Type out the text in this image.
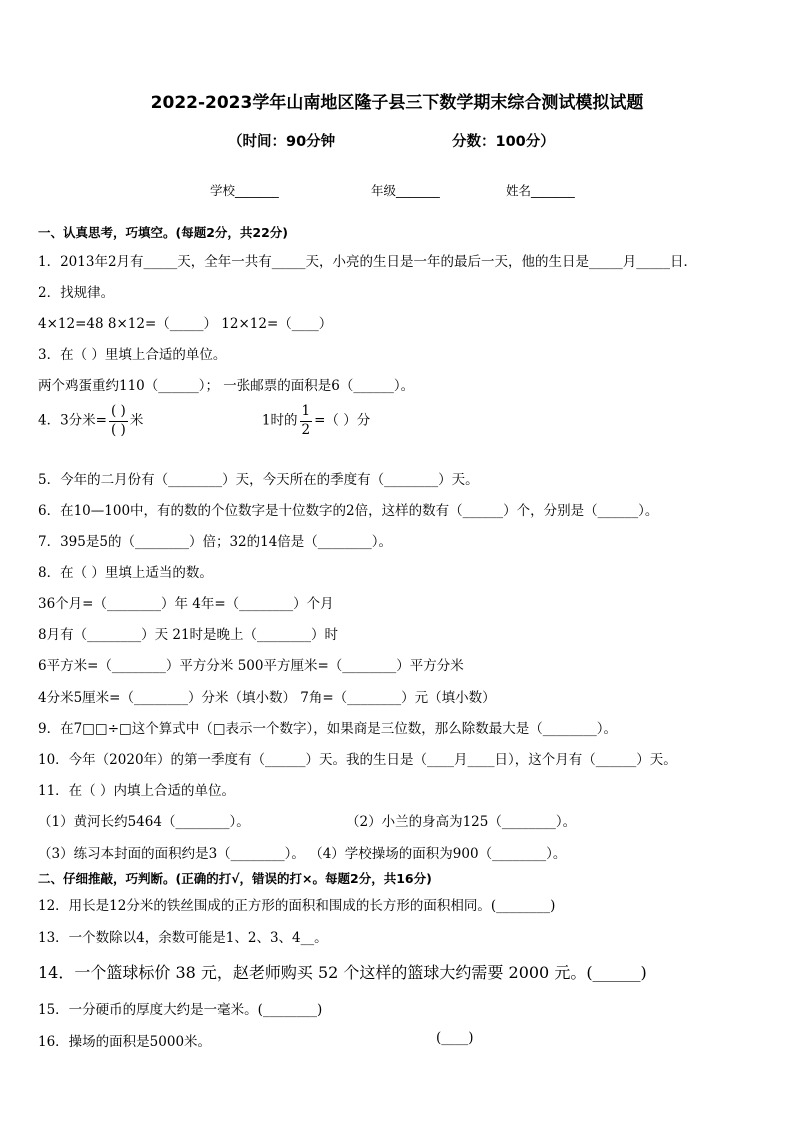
2022-2023学年山南地区隆子县三下数学期末综合测试模拟试题
（时间：90分钟	分数：100分）
学校_______	年级_______	姓名_______
一、认真思考，巧填空。(每题2分，共22分)
1．2013年2月有_____天，全年一共有_____天，小亮的生日是一年的最后一天，他的生日是_____月_____日．
2．找规律。
4×12=48 8×12=（_____） 12×12=（____）
3．在（ ）里填上合适的单位。
两个鸡蛋重约110（______）； 一张邮票的面积是6（______）。
4．3分米= $\frac{( )}{( )}$ 米	1时的 $\frac{1}{2}$ =（ ）分
5．今年的二月份有（________）天，今天所在的季度有（________）天。
6．在10—100中，有的数的个位数字是十位数字的2倍，这样的数有（______）个，分别是（______）。
7．395是5的（________）倍；32的14倍是（________）。
8．在（ ）里填上适当的数。
36个月=（________）年 4年=（________）个月
8月有（________）天 21时是晚上（________）时
6平方米=（________）平方分米 500平方厘米=（________）平方分米
4分米5厘米=（________）分米（填小数） 7角=（________）元（填小数）
9．在7□□÷□这个算式中（□表示一个数字），如果商是三位数，那么除数最大是（________）。
10．今年（2020年）的第一季度有（______）天。我的生日是（____月____日），这个月有（______）天。
11．在（ ）内填上合适的单位。
（1）黄河长约5464（________）。	（2）小兰的身高为125（________）。
（3）练习本封面的面积约是3（________）。 （4）学校操场的面积为900（________）。
二、仔细推敲，巧判断。(正确的打√，错误的打×。每题2分，共16分)
12．用长是12分米的铁丝围成的正方形的面积和围成的长方形的面积相同。(________)
13．一个数除以4，余数可能是1、2、3、4__。
14．一个篮球标价 38 元，赵老师购买 52 个这样的篮球大约需要 2000 元。(______)
15．一分硬币的厚度大约是一毫米。(________)
16．操场的面积是5000米。	(____)
